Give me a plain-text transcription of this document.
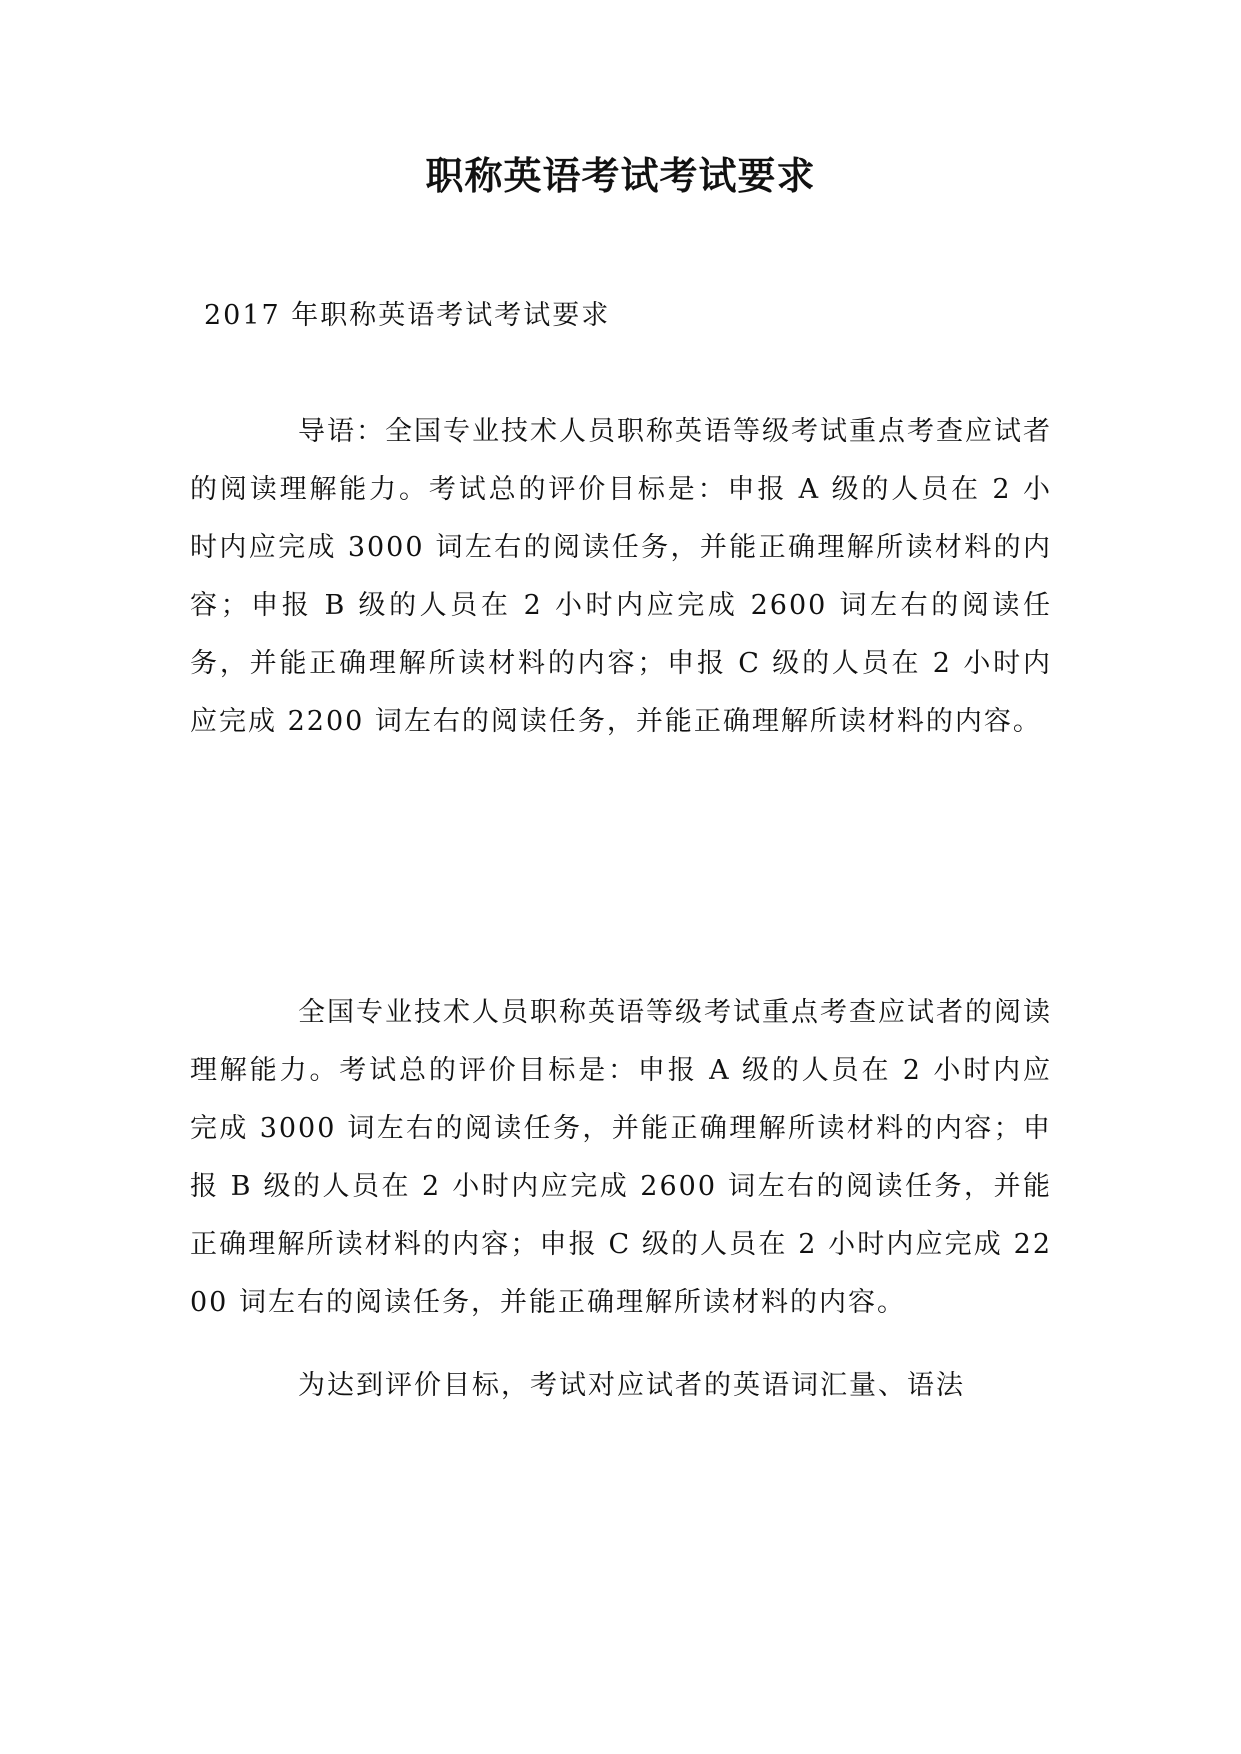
职称英语考试考试要求

2017 年职称英语考试考试要求

导语：全国专业技术人员职称英语等级考试重点考查应试者的阅读理解能力。考试总的评价目标是：申报 A 级的人员在 2 小时内应完成 3000 词左右的阅读任务，并能正确理解所读材料的内容；申报 B 级的人员在 2 小时内应完成 2600 词左右的阅读任务，并能正确理解所读材料的内容；申报 C 级的人员在 2 小时内应完成 2200 词左右的阅读任务，并能正确理解所读材料的内容。

全国专业技术人员职称英语等级考试重点考查应试者的阅读理解能力。考试总的评价目标是：申报 A 级的人员在 2 小时内应完成 3000 词左右的阅读任务，并能正确理解所读材料的内容；申报 B 级的人员在 2 小时内应完成 2600 词左右的阅读任务，并能正确理解所读材料的内容；申报 C 级的人员在 2 小时内应完成 2200 词左右的阅读任务，并能正确理解所读材料的内容。

为达到评价目标，考试对应试者的英语词汇量、语法
